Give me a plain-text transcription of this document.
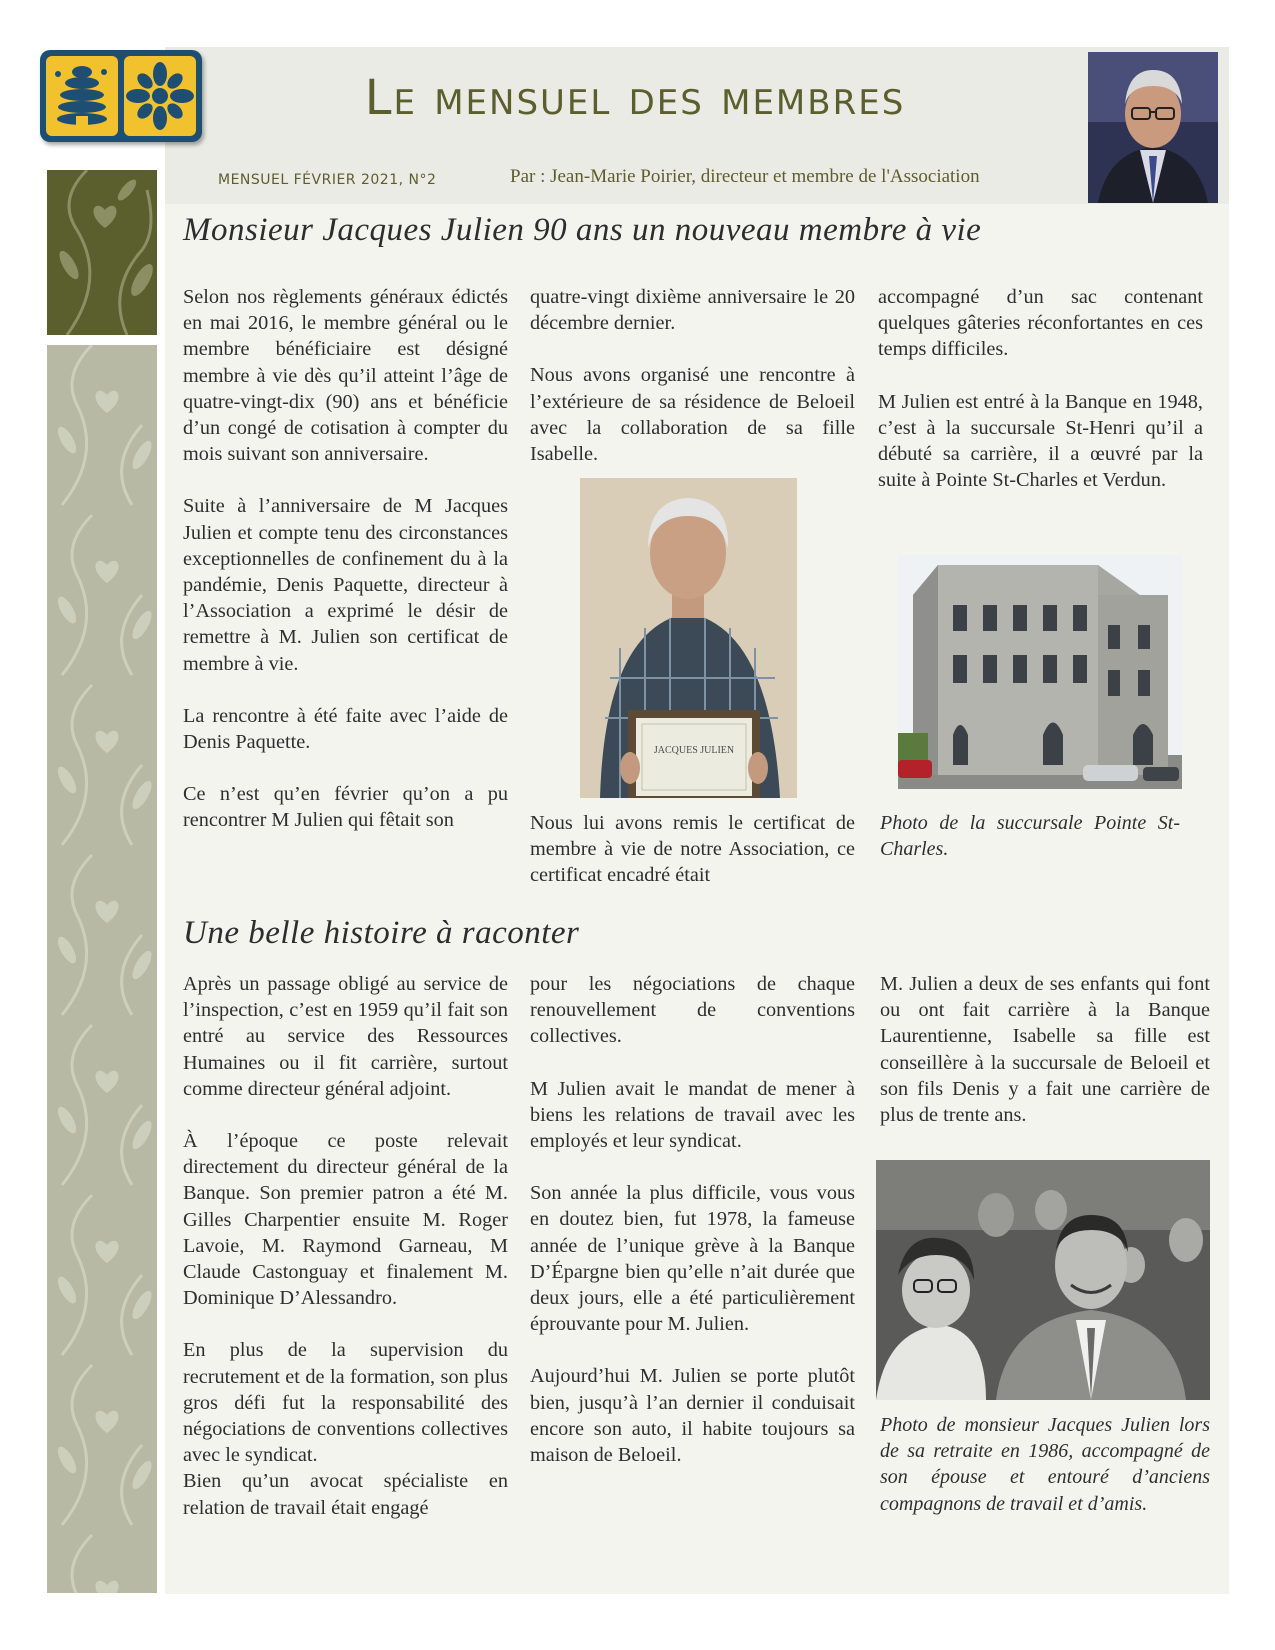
Le mensuel des membres
MENSUEL FÉVRIER 2021, N°2	Par : Jean-Marie Poirier, directeur et membre de l'Association
Monsieur Jacques Julien 90 ans un nouveau membre à vie

Selon nos règlements généraux édictés en mai 2016, le membre général ou le membre bénéficiaire est désigné membre à vie dès qu’il atteint l’âge de quatre-vingt-dix (90) ans et bénéficie d’un congé de cotisation à compter du mois suivant son anniversaire.

Suite à l’anniversaire de M Jacques Julien et compte tenu des circonstances exceptionnelles de confinement du à la pandémie, Denis Paquette, directeur à l’Association a exprimé le désir de remettre à M. Julien son certificat de membre à vie.

La rencontre à été faite avec l’aide de Denis Paquette.

Ce n’est qu’en février qu’on a pu rencontrer M Julien qui fêtait son

quatre-vingt dixième anniversaire le 20 décembre dernier.

Nous avons organisé une rencontre à l’extérieure de sa résidence de Beloeil avec la collaboration de sa fille Isabelle.

JACQUES JULIEN

Nous lui avons remis le certificat de membre à vie de notre Association, ce certificat encadré était

accompagné d’un sac contenant quelques gâteries réconfortantes en ces temps difficiles.

M Julien est entré à la Banque en 1948, c’est à la succursale St-Henri qu’il a débuté sa carrière, il a œuvré par la suite à Pointe St-Charles et Verdun.

Photo de la succursale Pointe St-Charles.

Une belle histoire à raconter

Après un passage obligé au service de l’inspection, c’est en 1959 qu’il fait son entré au service des Ressources Humaines ou il fit carrière, surtout comme directeur général adjoint.

À l’époque ce poste relevait directement du directeur général de la Banque. Son premier patron a été M. Gilles Charpentier ensuite M. Roger Lavoie, M. Raymond Garneau, M Claude Castonguay et finalement M. Dominique D’Alessandro.

En plus de la supervision du recrutement et de la formation, son plus gros défi fut la responsabilité des négociations de conventions collectives avec le syndicat.

Bien qu’un avocat spécialiste en relation de travail était engagé

pour les négociations de chaque renouvellement de conventions collectives.

M Julien avait le mandat de mener à biens les relations de travail avec les employés et leur syndicat.

Son année la plus difficile, vous vous en doutez bien, fut 1978, la fameuse année de l’unique grève à la Banque D’Épargne bien qu’elle n’ait durée que deux jours, elle a été particulièrement éprouvante pour M. Julien.

Aujourd’hui M. Julien se porte plutôt bien, jusqu’à l’an dernier il conduisait encore son auto, il habite toujours sa maison de Beloeil.

M. Julien a deux de ses enfants qui font ou ont fait carrière à la Banque Laurentienne, Isabelle sa fille est conseillère à la succursale de Beloeil et son fils Denis y a fait une carrière de plus de trente ans.

Photo de monsieur Jacques Julien lors de sa retraite en 1986, accompagné de son épouse et entouré d’anciens compagnons de travail et d’amis.
